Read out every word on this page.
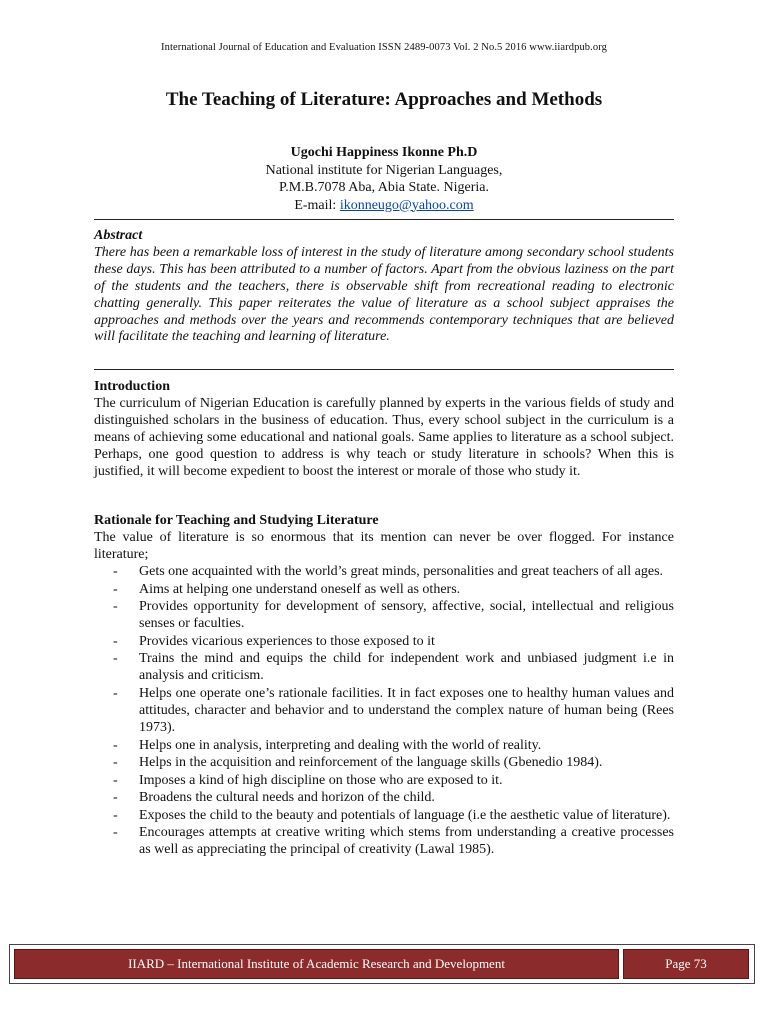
International Journal of Education and Evaluation ISSN 2489-0073 Vol. 2 No.5 2016 www.iiardpub.org
The Teaching of Literature: Approaches and Methods
Ugochi Happiness Ikonne Ph.D
National institute for Nigerian Languages,
P.M.B.7078 Aba, Abia State. Nigeria.
E-mail: ikonneugo@yahoo.com
Abstract
There has been a remarkable loss of interest in the study of literature among secondary school students these days. This has been attributed to a number of factors. Apart from the obvious laziness on the part of the students and the teachers, there is observable shift from recreational reading to electronic chatting generally. This paper reiterates the value of literature as a school subject appraises the approaches and methods over the years and recommends contemporary techniques that are believed will facilitate the teaching and learning of literature.
Introduction
The curriculum of Nigerian Education is carefully planned by experts in the various fields of study and distinguished scholars in the business of education. Thus, every school subject in the curriculum is a means of achieving some educational and national goals. Same applies to literature as a school subject. Perhaps, one good question to address is why teach or study literature in schools? When this is justified, it will become expedient to boost the interest or morale of those who study it.
Rationale for Teaching and Studying Literature
The value of literature is so enormous that its mention can never be over flogged. For instance literature;
- Gets one acquainted with the world’s great minds, personalities and great teachers of all ages.
- Aims at helping one understand oneself as well as others.
- Provides opportunity for development of sensory, affective, social, intellectual and religious senses or faculties.
- Provides vicarious experiences to those exposed to it
- Trains the mind and equips the child for independent work and unbiased judgment i.e in analysis and criticism.
- Helps one operate one’s rationale facilities. It in fact exposes one to healthy human values and attitudes, character and behavior and to understand the complex nature of human being (Rees 1973).
- Helps one in analysis, interpreting and dealing with the world of reality.
- Helps in the acquisition and reinforcement of the language skills (Gbenedio 1984).
- Imposes a kind of high discipline on those who are exposed to it.
- Broadens the cultural needs and horizon of the child.
- Exposes the child to the beauty and potentials of language (i.e the aesthetic value of literature).
- Encourages attempts at creative writing which stems from understanding a creative processes as well as appreciating the principal of creativity (Lawal 1985).
IIARD – International Institute of Academic Research and Development	Page 73
